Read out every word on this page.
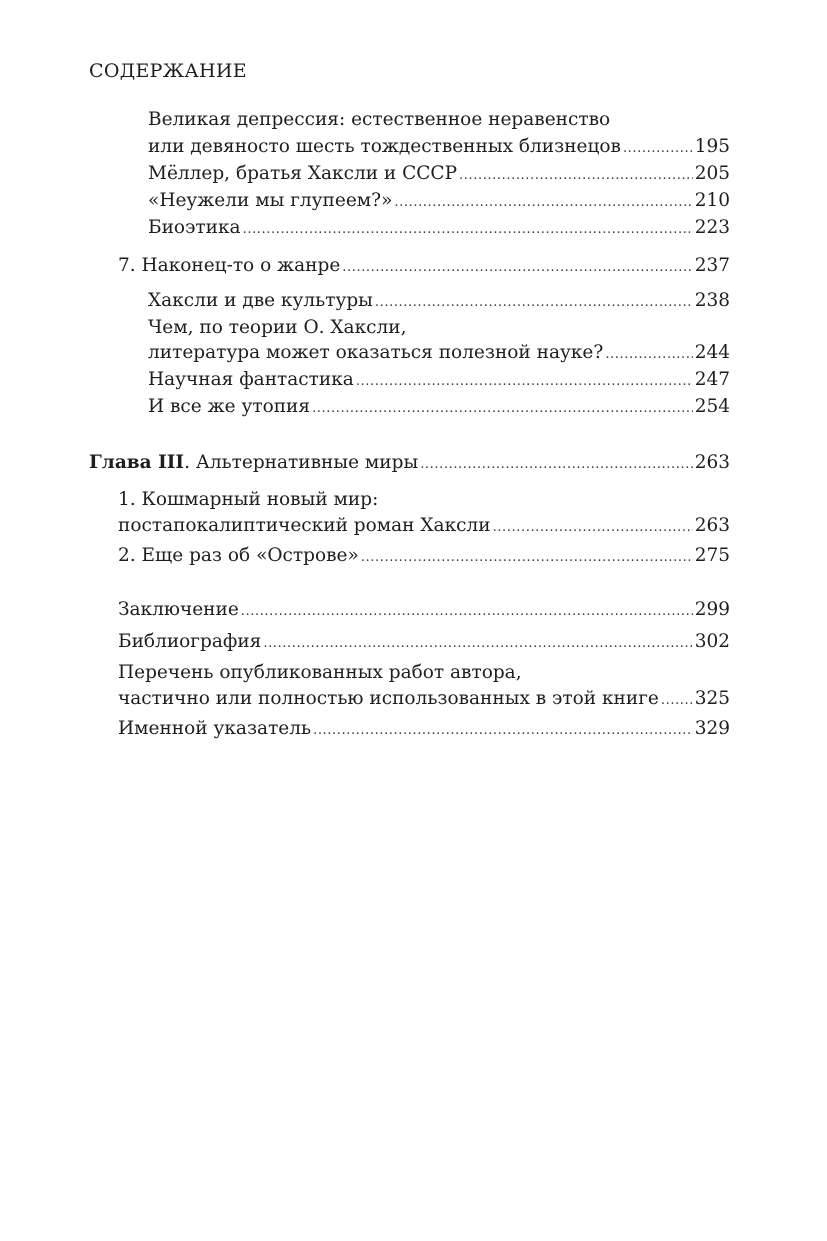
СОДЕРЖАНИЕ
Великая депрессия: естественное неравенство
или девяносто шесть тождественных близнецов .....	195
Мёллер, братья Хаксли и СССР .....	205
«Неужели мы глупеем?» .....	210
Биоэтика .....	223
7. Наконец-то о жанре .....	237
Хаксли и две культуры .....	238
Чем, по теории О. Хаксли,
литература может оказаться полезной науке? .....	244
Научная фантастика .....	247
И все же утопия .....	254
Глава III. Альтернативные миры .....	263
1. Кошмарный новый мир:
постапокалиптический роман Хаксли .....	263
2. Еще раз об «Острове» .....	275
Заключение .....	299
Библиография .....	302
Перечень опубликованных работ автора,
частично или полностью использованных в этой книге ..... 325
Именной указатель .....	329
